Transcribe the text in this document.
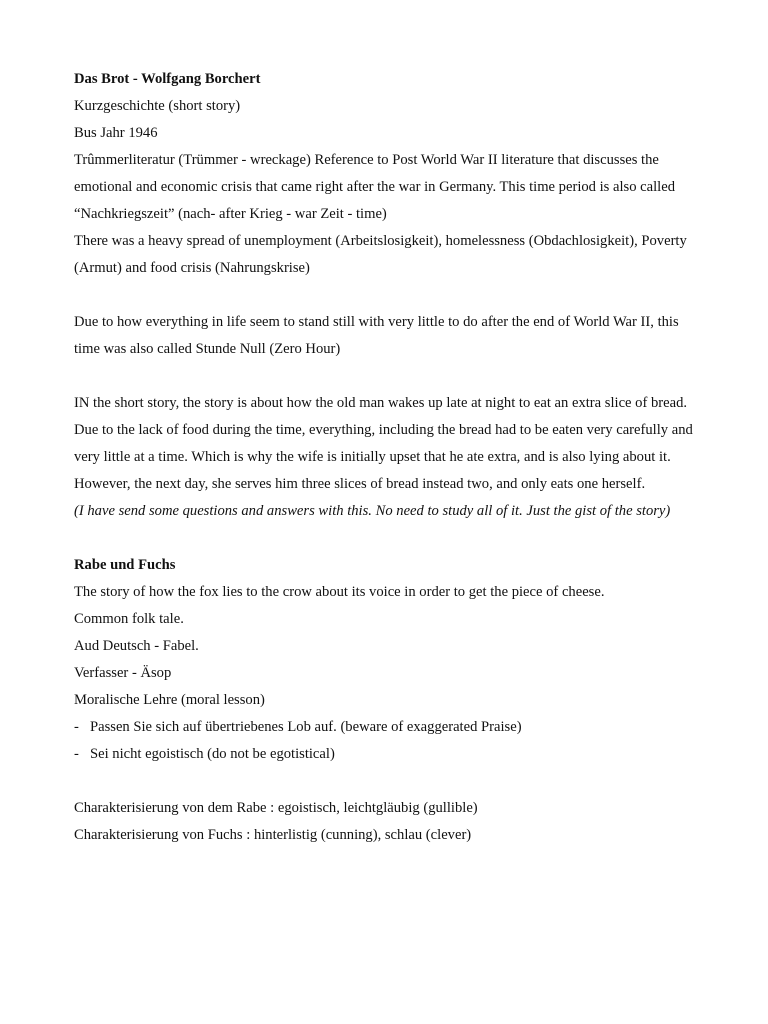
Das Brot - Wolfgang Borchert
Kurzgeschichte (short story)
Bus Jahr 1946
Trûmmerliteratur (Trümmer - wreckage) Reference to Post World War II literature that discusses the emotional and economic crisis that came right after the war in Germany. This time period is also called “Nachkriegszeit” (nach- after Krieg - war Zeit - time)
There was a heavy spread of unemployment (Arbeitslosigkeit), homelessness (Obdachlosigkeit), Poverty (Armut) and food crisis (Nahrungskrise)
Due to how everything in life seem to stand still with very little to do after the end of World War II, this time was also called Stunde Null (Zero Hour)
IN the short story, the story is about how the old man wakes up late at night to eat an extra slice of bread. Due to the lack of food during the time, everything, including the bread had to be eaten very carefully and very little at a time. Which is why the wife is initially upset that he ate extra, and is also lying about it. However, the next day, she serves him three slices of bread instead two, and only eats one herself.
(I have send some questions and answers with this. No need to study all of it. Just the gist of the story)
Rabe und Fuchs
The story of how the fox lies to the crow about its voice in order to get the piece of cheese.
Common folk tale.
Aud Deutsch - Fabel.
Verfasser - Äsop
Moralische Lehre (moral lesson)
- Passen Sie sich auf übertriebenes Lob auf. (beware of exaggerated Praise)
- Sei nicht egoistisch (do not be egotistical)
Charakterisierung von dem Rabe : egoistisch, leichtgläubig (gullible)
Charakterisierung von Fuchs : hinterlistig (cunning), schlau (clever)
